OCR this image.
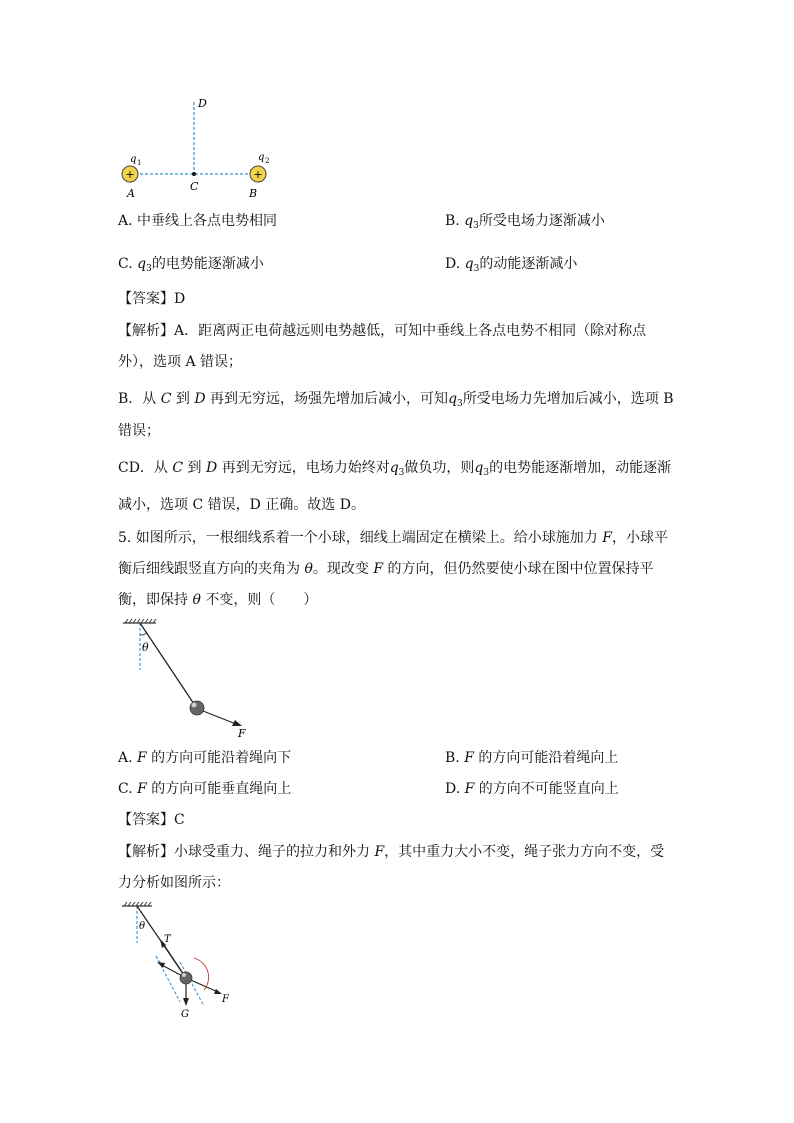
+	+
D
q 1	q 2
A
C
B
A. 中垂线上各点电势相同	B. $q_3$所受电场力逐渐减小
C. $q_3$的电势能逐渐减小	D. $q_3$的动能逐渐减小
【答案】D
【解析】A．距离两正电荷越远则电势越低，可知中垂线上各点电势不相同（除对称点
外），选项 A 错误；
B．从 C 到 D 再到无穷远，场强先增加后减小，可知$q_3$所受电场力先增加后减小，选项 B
错误；
CD．从 C 到 D 再到无穷远，电场力始终对$q_3$做负功，则$q_3$的电势能逐渐增加，动能逐渐
减小，选项 C 错误，D 正确。故选 D。
5. 如图所示，一根细线系着一个小球，细线上端固定在横梁上。给小球施加力 F，小球平
衡后细线跟竖直方向的夹角为 θ。现改变 F 的方向，但仍然要使小球在图中位置保持平
衡，即保持 θ 不变，则（　　）
θ
F
A. F 的方向可能沿着绳向下	B. F 的方向可能沿着绳向上
C. F 的方向可能垂直绳向上	D. F 的方向不可能竖直向上
【答案】C
【解析】小球受重力、绳子的拉力和外力 F，其中重力大小不变，绳子张力方向不变，受
力分析如图所示：
θ
T
G
F
